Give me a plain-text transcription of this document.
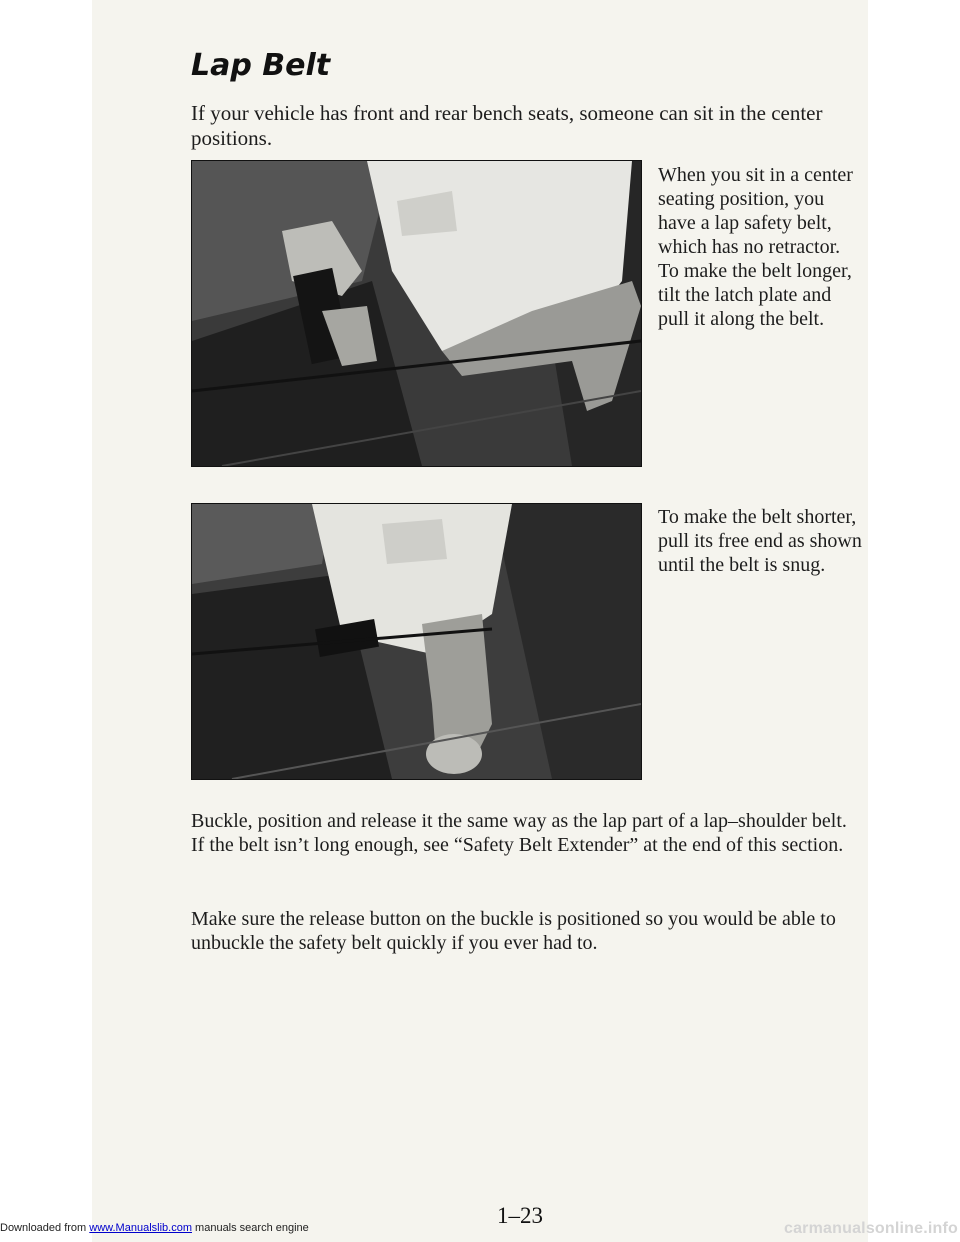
Lap Belt

If your vehicle has front and rear bench seats, someone can sit in the center positions.

When you sit in a center seating position, you have a lap safety belt, which has no retractor. To make the belt longer, tilt the latch plate and pull it along the belt.

To make the belt shorter, pull its free end as shown until the belt is snug.

Buckle, position and release it the same way as the lap part of a lap–shoulder belt. If the belt isn’t long enough, see “Safety Belt Extender” at the end of this section.

Make sure the release button on the buckle is positioned so you would be able to unbuckle the safety belt quickly if you ever had to.

1–23
Downloaded from www.Manualslib.com manuals search engine	carmanualsonline.info
